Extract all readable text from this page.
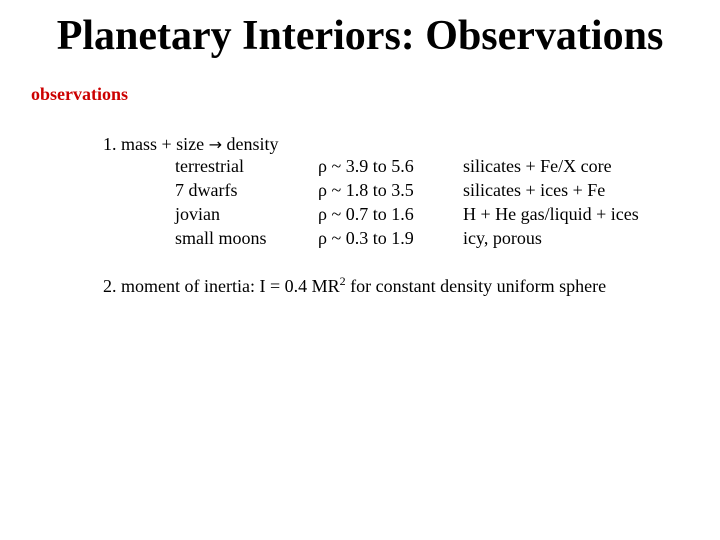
Planetary Interiors: Observations
observations
1. mass + size → density
terrestrial	ρ ~ 3.9 to 5.6	silicates + Fe/X core
7 dwarfs	ρ ~ 1.8 to 3.5	silicates + ices + Fe
jovian	ρ ~ 0.7 to 1.6	H + He gas/liquid + ices
small moons	ρ ~ 0.3 to 1.9	icy, porous
2. moment of inertia: I = 0.4 $MR^2$ for constant density uniform sphere
